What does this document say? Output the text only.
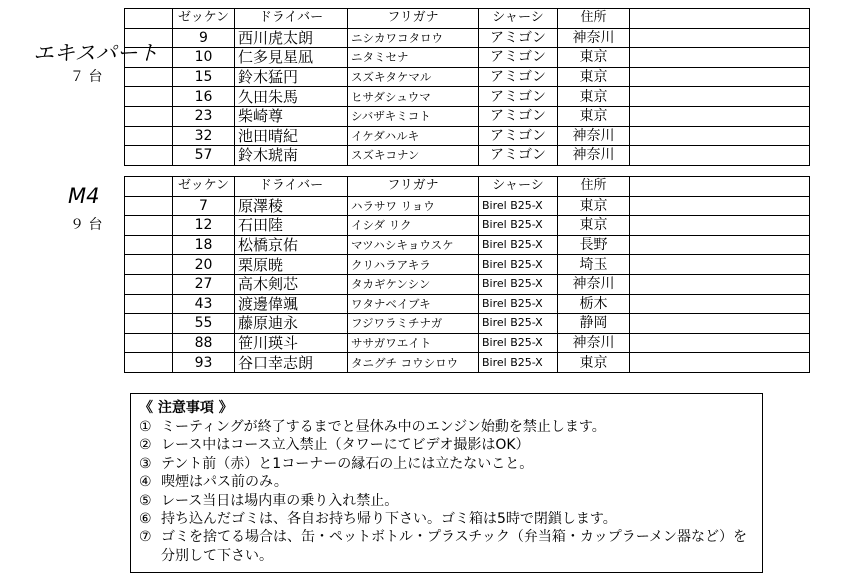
エキスパート
７ 台
	ゼッケン	ドライバー	フリガナ	シャーシ	住所	
	9	西川虎太朗	ニシカワコタロウ	アミゴン	神奈川	
	10	仁多見星凪	ニタミセナ	アミゴン	東京	
	15	鈴木猛円	スズキタケマル	アミゴン	東京	
	16	久田朱馬	ヒサダシュウマ	アミゴン	東京	
	23	柴崎尊	シバザキミコト	アミゴン	東京	
	32	池田晴紀	イケダハルキ	アミゴン	神奈川	
	57	鈴木琥南	スズキコナン	アミゴン	神奈川	
M4
９ 台
	ゼッケン	ドライバー	フリガナ	シャーシ	住所	
	7	原澤稜	ハラサワ リョウ	Birel B25-X	東京	
	12	石田陸	イシダ リク	Birel B25-X	東京	
	18	松橋京佑	マツハシキョウスケ	Birel B25-X	長野	
	20	栗原暁	クリハラアキラ	Birel B25-X	埼玉	
	27	高木剣芯	タカギケンシン	Birel B25-X	神奈川	
	43	渡邊偉颯	ワタナベイブキ	Birel B25-X	栃木	
	55	藤原迪永	フジワラミチナガ	Birel B25-X	静岡	
	88	笹川瑛斗	ササガワエイト	Birel B25-X	神奈川	
	93	谷口幸志朗	タニグチ コウシロウ	Birel B25-X	東京	
《 注意事項 》
① ミーティングが終了するまでと昼休み中のエンジン始動を禁止します。
② レース中はコース立入禁止（タワーにてビデオ撮影はOK）
③ テント前（赤）と1コーナーの縁石の上には立たないこと。
④ 喫煙はパス前のみ。
⑤ レース当日は場内車の乗り入れ禁止。
⑥ 持ち込んだゴミは、各自お持ち帰り下さい。ゴミ箱は5時で閉鎖します。
⑦ ゴミを捨てる場合は、缶・ペットボトル・プラスチック（弁当箱・カップラーメン器など）を 分別して下さい。
